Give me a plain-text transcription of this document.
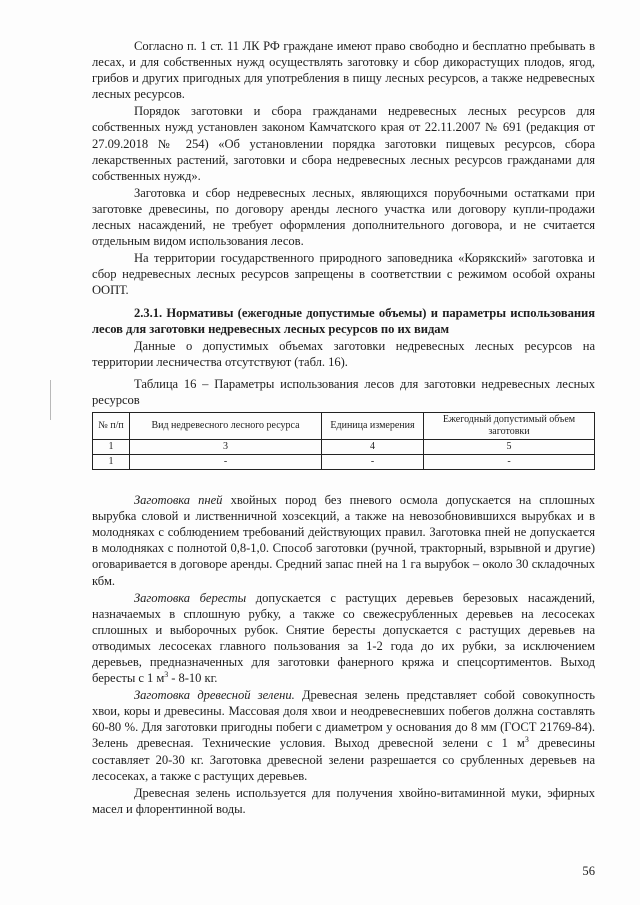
Согласно п. 1 ст. 11 ЛК РФ граждане имеют право свободно и бесплатно пребывать в лесах, и для собственных нужд осуществлять заготовку и сбор дикорастущих плодов, ягод, грибов и других пригодных для употребления в пищу лесных ресурсов, а также недревесных лесных ресурсов.

Порядок заготовки и сбора гражданами недревесных лесных ресурсов для собственных нужд установлен законом Камчатского края от 22.11.2007 № 691 (редакция от 27.09.2018 № 254) «Об установлении порядка заготовки пищевых ресурсов, сбора лекарственных растений, заготовки и сбора недревесных лесных ресурсов гражданами для собственных нужд».

Заготовка и сбор недревесных лесных, являющихся порубочными остатками при заготовке древесины, по договору аренды лесного участка или договору купли-продажи лесных насаждений, не требует оформления дополнительного договора, и не считается отдельным видом использования лесов.

На территории государственного природного заповедника «Корякский» заготовка и сбор недревесных лесных ресурсов запрещены в соответствии с режимом особой охраны ООПТ.

2.3.1. Нормативы (ежегодные допустимые объемы) и параметры использования лесов для заготовки недревесных лесных ресурсов по их видам

Данные о допустимых объемах заготовки недревесных лесных ресурсов на территории лесничества отсутствуют (табл. 16).

Таблица 16 – Параметры использования лесов для заготовки недревесных лесных ресурсов

№ п/п	Вид недревесного лесного ресурса	Единица измерения	Ежегодный допустимый объем заготовки
1	3	4	5
1	-	-	-

Заготовка пней хвойных пород без пневого осмола допускается на сплошных вырубка словой и лиственничной хозсекций, а также на невозобновившихся вырубках и в молодняках с соблюдением требований действующих правил. Заготовка пней не допускается в молодняках с полнотой 0,8-1,0. Способ заготовки (ручной, тракторный, взрывной и другие) оговаривается в договоре аренды. Средний запас пней на 1 га вырубок – около 30 складочных кбм.

Заготовка бересты допускается с растущих деревьев березовых насаждений, назначаемых в сплошную рубку, а также со свежесрубленных деревьев на лесосеках сплошных и выборочных рубок. Снятие бересты допускается с растущих деревьев на отводимых лесосеках главного пользования за 1-2 года до их рубки, за исключением деревьев, предназначенных для заготовки фанерного кряжа и спецсортиментов. Выход бересты с 1 $м^3 - 8-10$ кг.

Заготовка древесной зелени. Древесная зелень представляет собой совокупность хвои, коры и древесины. Массовая доля хвои и неодревесневших побегов должна составлять 60-80 %. Для заготовки пригодны побеги с диаметром у основания до 8 мм (ГОСТ 21769-84). Зелень древесная. Технические условия. Выход древесной зелени с 1 $м^3$ древесины составляет 20-30 кг. Заготовка древесной зелени разрешается со срубленных деревьев на лесосеках, а также с растущих деревьев.

Древесная зелень используется для получения хвойно-витаминной муки, эфирных масел и флорентинной воды.

56
